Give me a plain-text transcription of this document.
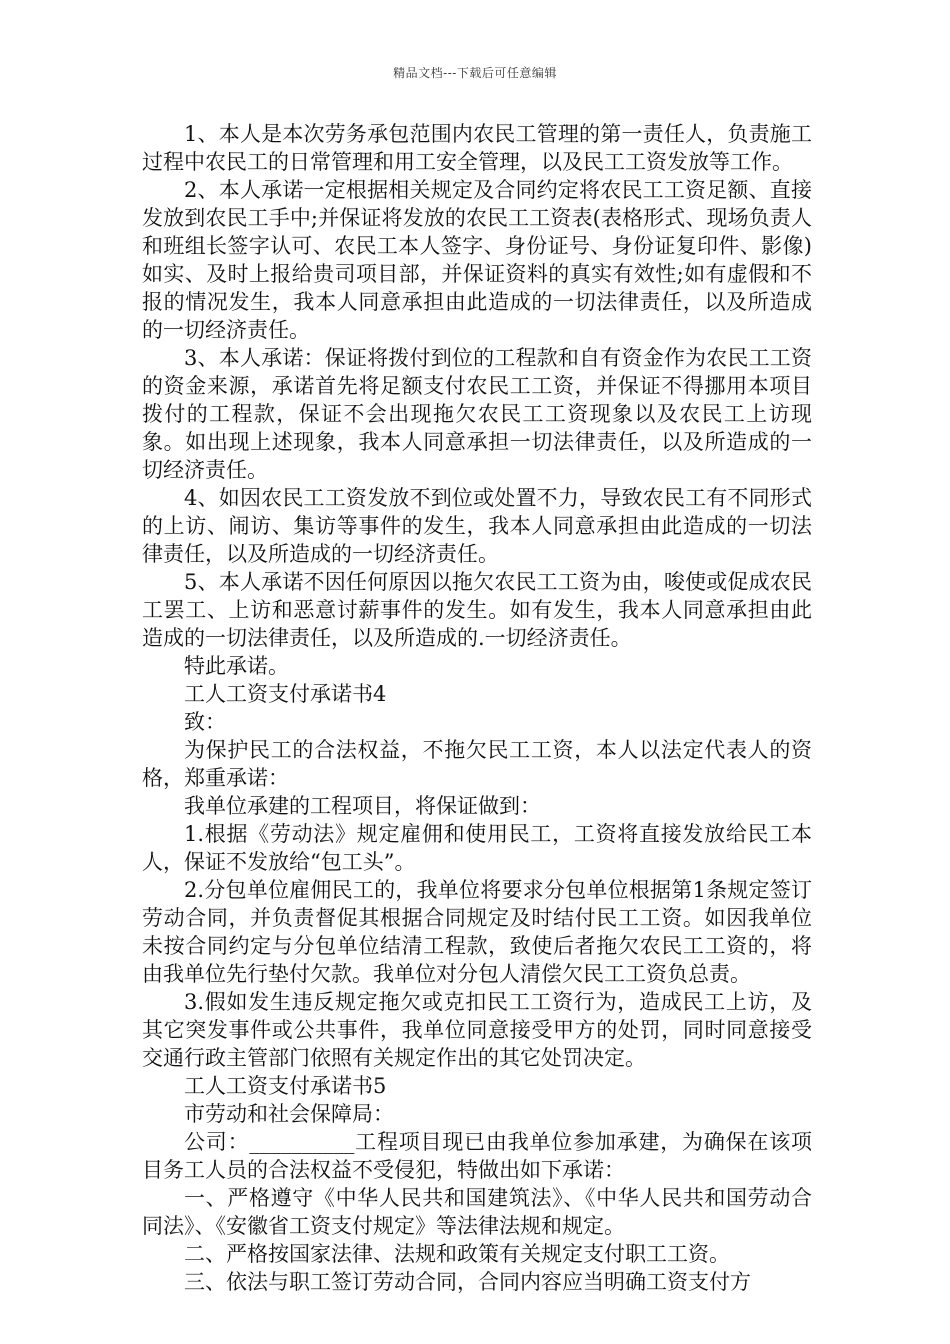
精品文档---下载后可任意编辑

1、本人是本次劳务承包范围内农民工管理的第一责任人，负责施工过程中农民工的日常管理和用工安全管理，以及民工工资发放等工作。

2、本人承诺一定根据相关规定及合同约定将农民工工资足额、直接发放到农民工手中;并保证将发放的农民工工资表(表格形式、现场负责人和班组长签字认可、农民工本人签字、身份证号、身份证复印件、影像)如实、及时上报给贵司项目部，并保证资料的真实有效性;如有虚假和不报的情况发生，我本人同意承担由此造成的一切法律责任，以及所造成的一切经济责任。

3、本人承诺：保证将拨付到位的工程款和自有资金作为农民工工资的资金来源，承诺首先将足额支付农民工工资，并保证不得挪用本项目拨付的工程款，保证不会出现拖欠农民工工资现象以及农民工上访现象。如出现上述现象，我本人同意承担一切法律责任，以及所造成的一切经济责任。

4、如因农民工工资发放不到位或处置不力，导致农民工有不同形式的上访、闹访、集访等事件的发生，我本人同意承担由此造成的一切法律责任，以及所造成的一切经济责任。

5、本人承诺不因任何原因以拖欠农民工工资为由，唆使或促成农民工罢工、上访和恶意讨薪事件的发生。如有发生，我本人同意承担由此造成的一切法律责任，以及所造成的.一切经济责任。

特此承诺。

工人工资支付承诺书4

致：

为保护民工的合法权益，不拖欠民工工资，本人以法定代表人的资格，郑重承诺：

我单位承建的工程项目，将保证做到：

1.根据《劳动法》规定雇佣和使用民工，工资将直接发放给民工本人，保证不发放给“包工头”。

2.分包单位雇佣民工的，我单位将要求分包单位根据第1条规定签订劳动合同，并负责督促其根据合同规定及时结付民工工资。如因我单位未按合同约定与分包单位结清工程款，致使后者拖欠农民工工资的，将由我单位先行垫付欠款。我单位对分包人清偿欠民工工资负总责。

3.假如发生违反规定拖欠或克扣民工工资行为，造成民工上访，及其它突发事件或公共事件，我单位同意接受甲方的处罚，同时同意接受交通行政主管部门依照有关规定作出的其它处罚决定。

工人工资支付承诺书5

市劳动和社会保障局：

公司：__________工程项目现已由我单位参加承建，为确保在该项目务工人员的合法权益不受侵犯，特做出如下承诺：

一、严格遵守《中华人民共和国建筑法》、《中华人民共和国劳动合同法》、《安徽省工资支付规定》等法律法规和规定。

二、严格按国家法律、法规和政策有关规定支付职工工资。

三、依法与职工签订劳动合同，合同内容应当明确工资支付方
